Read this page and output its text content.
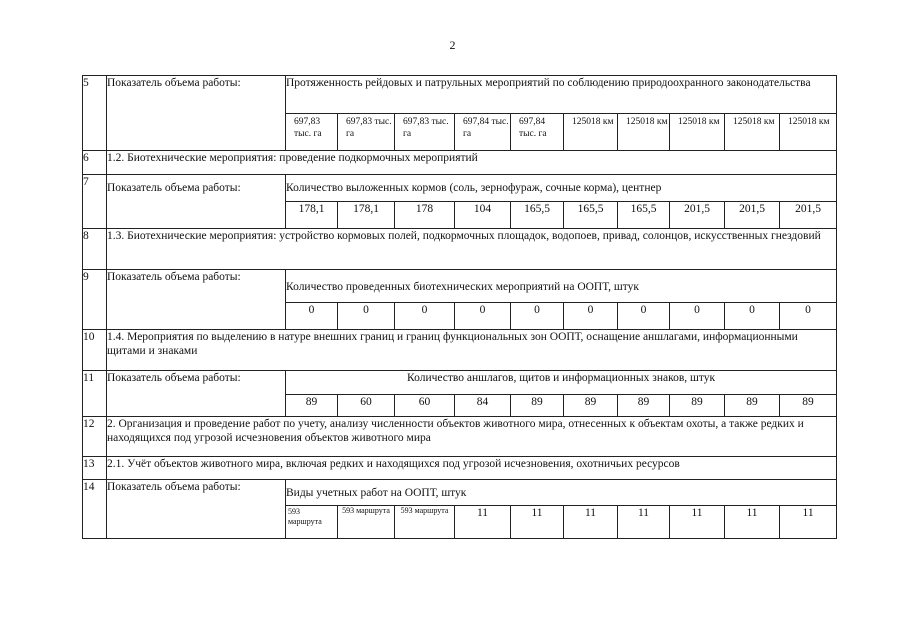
2
5	Показатель объема работы:	Протяженность рейдовых и патрульных мероприятий по соблюдению природоохранного законодательства									
		697,83 тыс. га	697,83 тыс. га	697,83 тыс. га	697,84 тыс. га	697,84 тыс. га	125018 км	125018 км	125018 км	125018 км	125018 км
6	1.2. Биотехнические мероприятия: проведение подкормочных мероприятий										
7	Показатель объема работы:	Количество выложенных кормов (соль, зернофураж, сочные корма), центнер									
		178,1	178,1	178	104	165,5	165,5	165,5	201,5	201,5	201,5
8	1.3. Биотехнические мероприятия: устройство кормовых полей, подкормочных площадок, водопоев, привад, солонцов, искусственных гнездовий										
9	Показатель объема работы:	Количество проведенных биотехнических мероприятий на ООПТ, штук									
		0	0	0	0	0	0	0	0	0	0
10	1.4. Мероприятия по выделению в натуре внешних границ и границ функциональных зон ООПТ, оснащение аншлагами, информационными щитами и знаками										
11	Показатель объема работы:	Количество аншлагов, щитов и информационных знаков, штук									
		89	60	60	84	89	89	89	89	89	89
12	2. Организация и проведение работ по учету, анализу численности объектов животного мира, отнесенных к объектам охоты, а также редких и находящихся под угрозой исчезновения объектов животного мира										
13	2.1. Учёт объектов животного мира, включая редких и находящихся под угрозой исчезновения, охотничьих ресурсов										
14	Показатель объема работы:	Виды учетных работ на ООПТ, штук									
		593 маршрута	593 маршрута	593 маршрута	11	11	11	11	11	11	11
